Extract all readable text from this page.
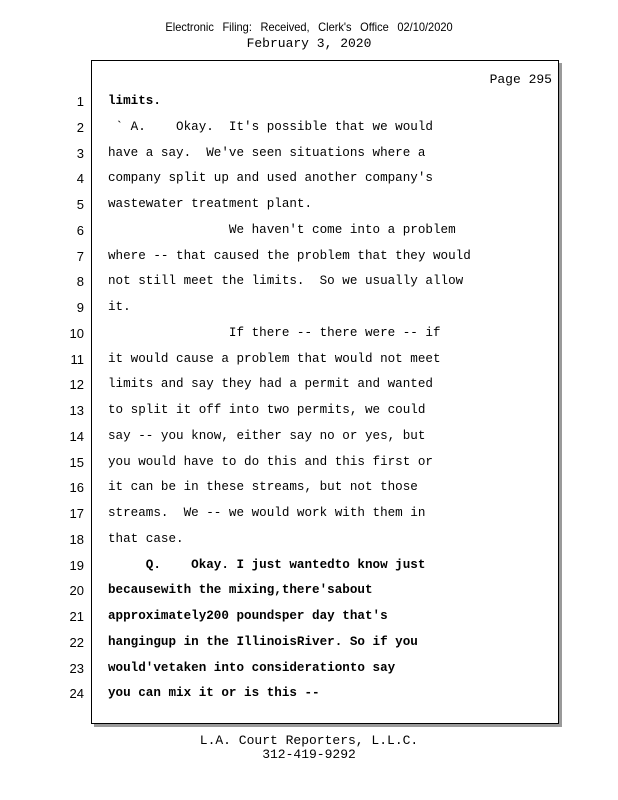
Electronic Filing: Received, Clerk's Office 02/10/2020
February 3, 2020
Page 295
1 limits.
2 ` A.    Okay.  It's possible that we would
3 have a say.  We've seen situations where a
4 company split up and used another company's
5 wastewater treatment plant.
6 We haven't come into a problem
7 where -- that caused the problem that they would
8 not still meet the limits.  So we usually allow
9 it.
10 If there -- there were -- if
11 it would cause a problem that would not meet
12 limits and say they had a permit and wanted
13 to split it off into two permits, we could
14 say -- you know, either say no or yes, but
15 you would have to do this and this first or
16 it can be in these streams, but not those
17 streams.  We -- we would work with them in
18 that case.
19 Q.    Okay. I just wantedto know just
20 becausewith the mixing,there'sabout
21 approximately200 poundsper day that's
22 hangingup in the IllinoisRiver. So if you
23 would'vetaken into considerationto say
24 you can mix it or is this --
L.A. Court Reporters, L.L.C.
312-419-9292
